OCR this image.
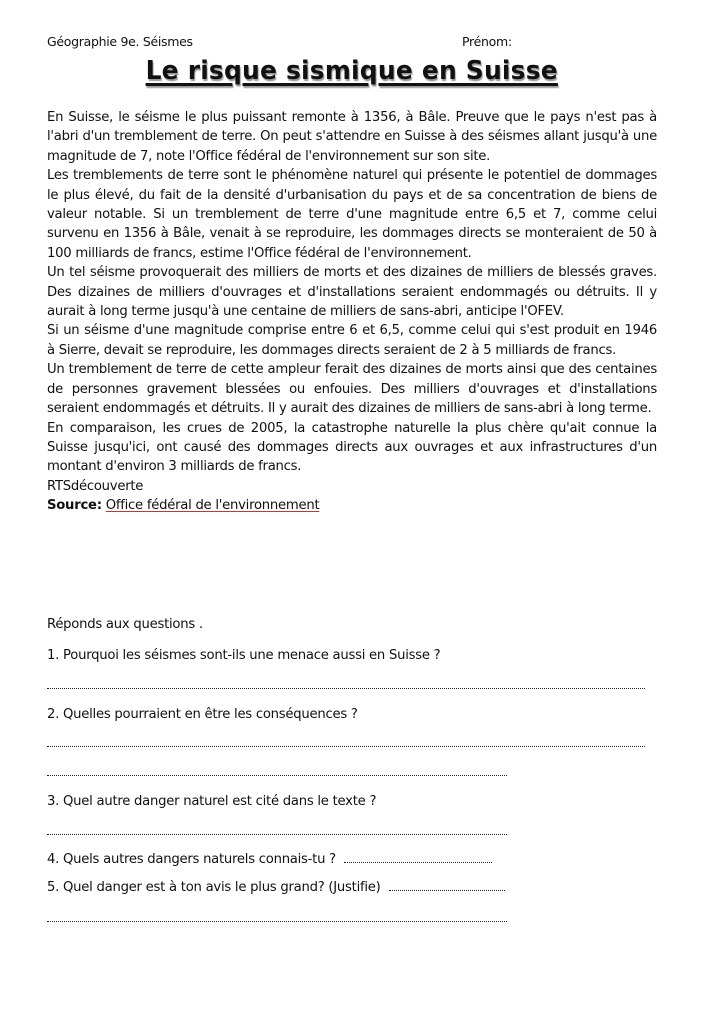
Géographie 9e. Séismes	Prénom:
Le risque sismique en Suisse

En Suisse, le séisme le plus puissant remonte à 1356, à Bâle. Preuve que le pays n'est pas à l'abri d'un tremblement de terre. On peut s'attendre en Suisse à des séismes allant jusqu'à une magnitude de 7, note l'Office fédéral de l'environnement sur son site.

Les tremblements de terre sont le phénomène naturel qui présente le potentiel de dommages le plus élevé, du fait de la densité d'urbanisation du pays et de sa concentration de biens de valeur notable. Si un tremblement de terre d'une magnitude entre 6,5 et 7, comme celui survenu en 1356 à Bâle, venait à se reproduire, les dommages directs se monteraient de 50 à 100 milliards de francs, estime l'Office fédéral de l'environnement.

Un tel séisme provoquerait des milliers de morts et des dizaines de milliers de blessés graves. Des dizaines de milliers d'ouvrages et d'installations seraient endommagés ou détruits. Il y aurait à long terme jusqu'à une centaine de milliers de sans-abri, anticipe l'OFEV.

Si un séisme d'une magnitude comprise entre 6 et 6,5, comme celui qui s'est produit en 1946 à Sierre, devait se reproduire, les dommages directs seraient de 2 à 5 milliards de francs.

Un tremblement de terre de cette ampleur ferait des dizaines de morts ainsi que des centaines de personnes gravement blessées ou enfouies. Des milliers d'ouvrages et d'installations seraient endommagés et détruits. Il y aurait des dizaines de milliers de sans-abri à long terme.

En comparaison, les crues de 2005, la catastrophe naturelle la plus chère qu'ait connue la Suisse jusqu'ici, ont causé des dommages directs aux ouvrages et aux infrastructures d'un montant d'environ 3 milliards de francs.

RTSdécouverte

Source: Office fédéral de l'environnement

Réponds aux questions .
1. Pourquoi les séismes sont-ils une menace aussi en Suisse ?
2. Quelles pourraient en être les conséquences ?
3. Quel autre danger naturel est cité dans le texte ?
4. Quels autres dangers naturels connais-tu ?
5. Quel danger est à ton avis le plus grand? (Justifie)
